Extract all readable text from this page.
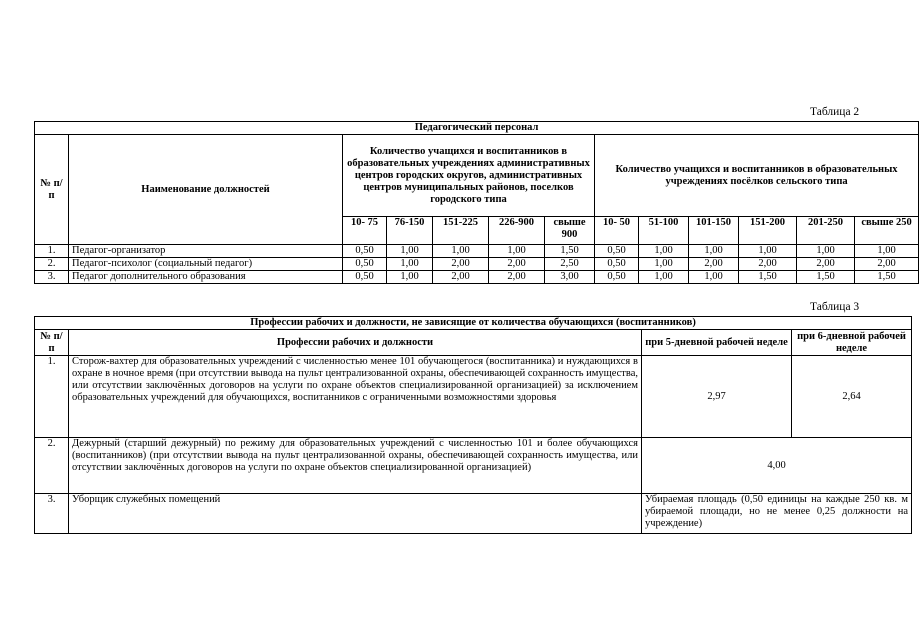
Таблица 2
Педагогический персонал												
№ п/п	Наименование должностей	Количество учащихся и воспитанников в образовательных учреждениях административных центров городских округов, административных центров муниципальных районов, поселков городского типа					Количество учащихся и воспитанников в образовательных учреждениях посёлков сельского типа					
		10- 75	76-150	151-225	226-900	свыше 900	10- 50	51-100	101-150	151-200	201-250	свыше 250
1.	Педагог-организатор	0,50	1,00	1,00	1,00	1,50	0,50	1,00	1,00	1,00	1,00	1,00
2.	Педагог-психолог (социальный педагог)	0,50	1,00	2,00	2,00	2,50	0,50	1,00	2,00	2,00	2,00	2,00
3.	Педагог дополнительного образования	0,50	1,00	2,00	2,00	3,00	0,50	1,00	1,00	1,50	1,50	1,50
Таблица 3
Профессии рабочих и должности, не зависящие от количества обучающихся (воспитанников)			
№ п/п	Профессии рабочих и должности	при 5-дневной рабочей неделе	при 6-дневной рабочей неделе
1.	Сторож-вахтер для образовательных учреждений с численностью менее 101 обучающегося (воспитанника) и нуждающихся в охране в ночное время (при отсутствии вывода на пульт централизованной охраны, обеспечивающей сохранность имущества, или отсутствии заключённых договоров на услуги по охране объектов специализированной организацией) за исключением образовательных учреждений для обучающихся, воспитанников с ограниченными возможностями здоровья	2,97	2,64
2.	Дежурный (старший дежурный) по режиму для образовательных учреждений с численностью 101 и более обучающихся (воспитанников) (при отсутствии вывода на пульт централизованной охраны, обеспечивающей сохранность имущества, или отсутствии заключённых договоров на услуги по охране объектов специализированной организацией)	4,00	
3.	Уборщик служебных помещений	Убираемая площадь (0,50 единицы на каждые 250 кв. м убираемой площади, но не менее 0,25 должности на учреждение)	
